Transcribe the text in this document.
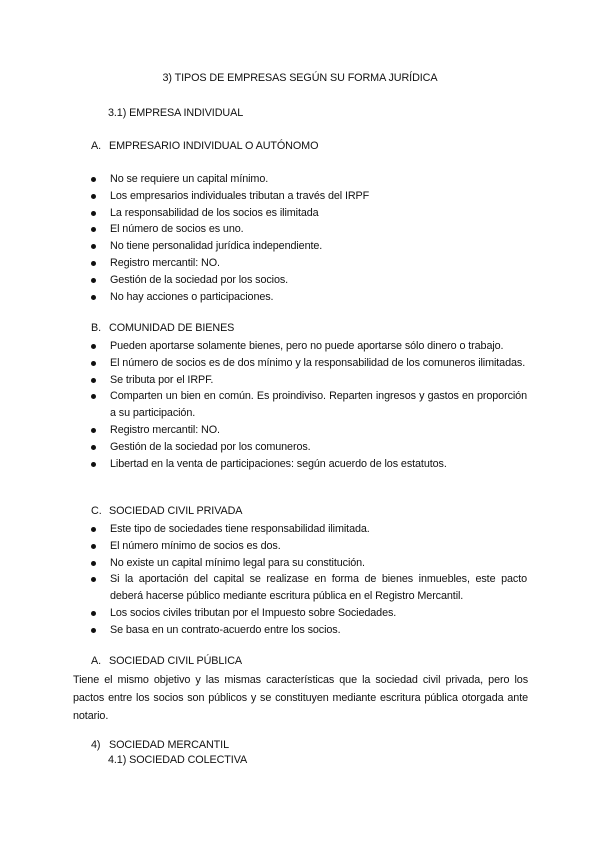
3) TIPOS DE EMPRESAS SEGÚN SU FORMA JURÍDICA
3.1) EMPRESA INDIVIDUAL
A. EMPRESARIO INDIVIDUAL O AUTÓNOMO
No se requiere un capital mínimo.
Los empresarios individuales tributan a través del IRPF
La responsabilidad de los socios es ilimitada
El número de socios es uno.
No tiene personalidad jurídica independiente.
Registro mercantil: NO.
Gestión de la sociedad por los socios.
No hay acciones o participaciones.
B. COMUNIDAD DE BIENES
Pueden aportarse solamente bienes, pero no puede aportarse sólo dinero o trabajo.
El número de socios es de dos mínimo y la responsabilidad de los comuneros ilimitadas.
Se tributa por el IRPF.
Comparten un bien en común. Es proindiviso. Reparten ingresos y gastos en proporción a su participación.
Registro mercantil: NO.
Gestión de la sociedad por los comuneros.
Libertad en la venta de participaciones: según acuerdo de los estatutos.
C. SOCIEDAD CIVIL PRIVADA
Este tipo de sociedades tiene responsabilidad ilimitada.
El número mínimo de socios es dos.
No existe un capital mínimo legal para su constitución.
Si la aportación del capital se realizase en forma de bienes inmuebles, este pacto deberá hacerse público mediante escritura pública en el Registro Mercantil.
Los socios civiles tributan por el Impuesto sobre Sociedades.
Se basa en un contrato-acuerdo entre los socios.
A. SOCIEDAD CIVIL PÚBLICA
Tiene el mismo objetivo y las mismas características que la sociedad civil privada, pero los pactos entre los socios son públicos y se constituyen mediante escritura pública otorgada ante notario.
4) SOCIEDAD MERCANTIL
4.1) SOCIEDAD COLECTIVA
